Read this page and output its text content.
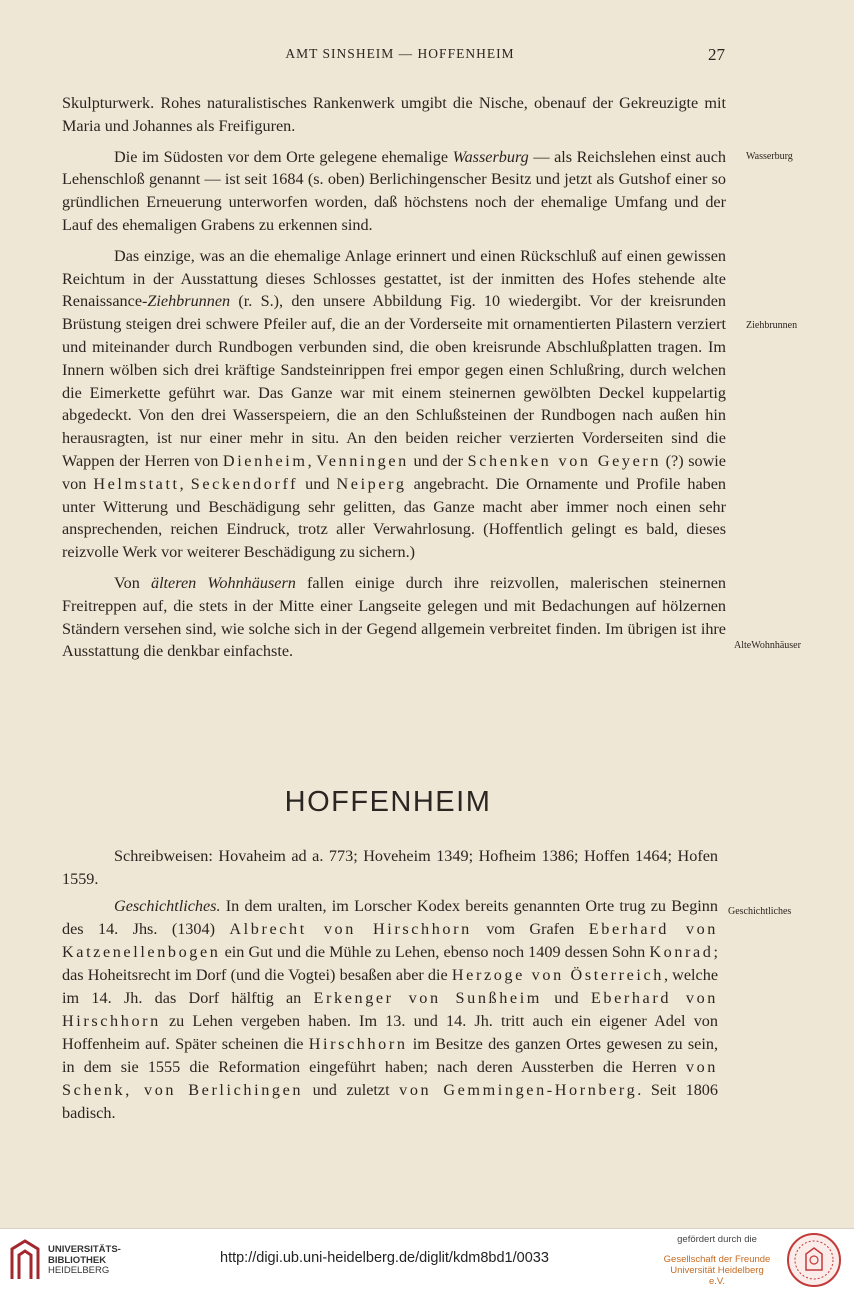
AMT SINSHEIM — HOFFENHEIM	27
Wasserburg
Ziehbrunnen
AlteWohnhäuser
Geschichtliches

Skulpturwerk. Rohes naturalistisches Rankenwerk umgibt die Nische, obenauf der Gekreuzigte mit Maria und Johannes als Freifiguren.

Die im Südosten vor dem Orte gelegene ehemalige Wasserburg — als Reichslehen einst auch Lehenschloß genannt — ist seit 1684 (s. oben) Berlichingenscher Besitz und jetzt als Gutshof einer so gründlichen Erneuerung unterworfen worden, daß höchstens noch der ehemalige Umfang und der Lauf des ehemaligen Grabens zu erkennen sind.

Das einzige, was an die ehemalige Anlage erinnert und einen Rückschluß auf einen gewissen Reichtum in der Ausstattung dieses Schlosses gestattet, ist der inmitten des Hofes stehende alte Renaissance-Ziehbrunnen (r. S.), den unsere Abbildung Fig. 10 wiedergibt. Vor der kreisrunden Brüstung steigen drei schwere Pfeiler auf, die an der Vorderseite mit ornamentierten Pilastern verziert und miteinander durch Rundbogen verbunden sind, die oben kreisrunde Abschlußplatten tragen. Im Innern wölben sich drei kräftige Sandsteinrippen frei empor gegen einen Schlußring, durch welchen die Eimerkette geführt war. Das Ganze war mit einem steinernen gewölbten Deckel kuppelartig abgedeckt. Von den drei Wasserspeiern, die an den Schlußsteinen der Rundbogen nach außen hin herausragten, ist nur einer mehr in situ. An den beiden reicher verzierten Vorderseiten sind die Wappen der Herren von Dienheim, Venningen und der Schenken von Geyern (?) sowie von Helmstatt, Seckendorff und Neiperg angebracht. Die Ornamente und Profile haben unter Witterung und Beschädigung sehr gelitten, das Ganze macht aber immer noch einen sehr ansprechenden, reichen Eindruck, trotz aller Verwahrlosung. (Hoffentlich gelingt es bald, dieses reizvolle Werk vor weiterer Beschädigung zu sichern.)

Von älteren Wohnhäusern fallen einige durch ihre reizvollen, malerischen steinernen Freitreppen auf, die stets in der Mitte einer Langseite gelegen und mit Bedachungen auf hölzernen Ständern versehen sind, wie solche sich in der Gegend allgemein verbreitet finden. Im übrigen ist ihre Ausstattung die denkbar einfachste.

HOFFENHEIM

Schreibweisen: Hovaheim ad a. 773; Hoveheim 1349; Hofheim 1386; Hoffen 1464; Hofen 1559.

Geschichtliches. In dem uralten, im Lorscher Kodex bereits genannten Orte trug zu Beginn des 14. Jhs. (1304) Albrecht von Hirschhorn vom Grafen Eberhard von Katzenellenbogen ein Gut und die Mühle zu Lehen, ebenso noch 1409 dessen Sohn Konrad; das Hoheitsrecht im Dorf (und die Vogtei) besaßen aber die Herzoge von Österreich, welche im 14. Jh. das Dorf hälftig an Erkenger von Sunßheim und Eberhard von Hirschhorn zu Lehen vergeben haben. Im 13. und 14. Jh. tritt auch ein eigener Adel von Hoffenheim auf. Später scheinen die Hirschhorn im Besitze des ganzen Ortes gewesen zu sein, in dem sie 1555 die Reformation eingeführt haben; nach deren Aussterben die Herren von Schenk, von Berlichingen und zuletzt von Gemmingen-Hornberg. Seit 1806 badisch.

UNIVERSITÄTS-
BIBLIOTHEK
HEIDELBERG
http://digi.ub.uni-heidelberg.de/diglit/kdm8bd1/0033
gefördert durch die
Gesellschaft der Freunde
Universität Heidelberg e.V.
